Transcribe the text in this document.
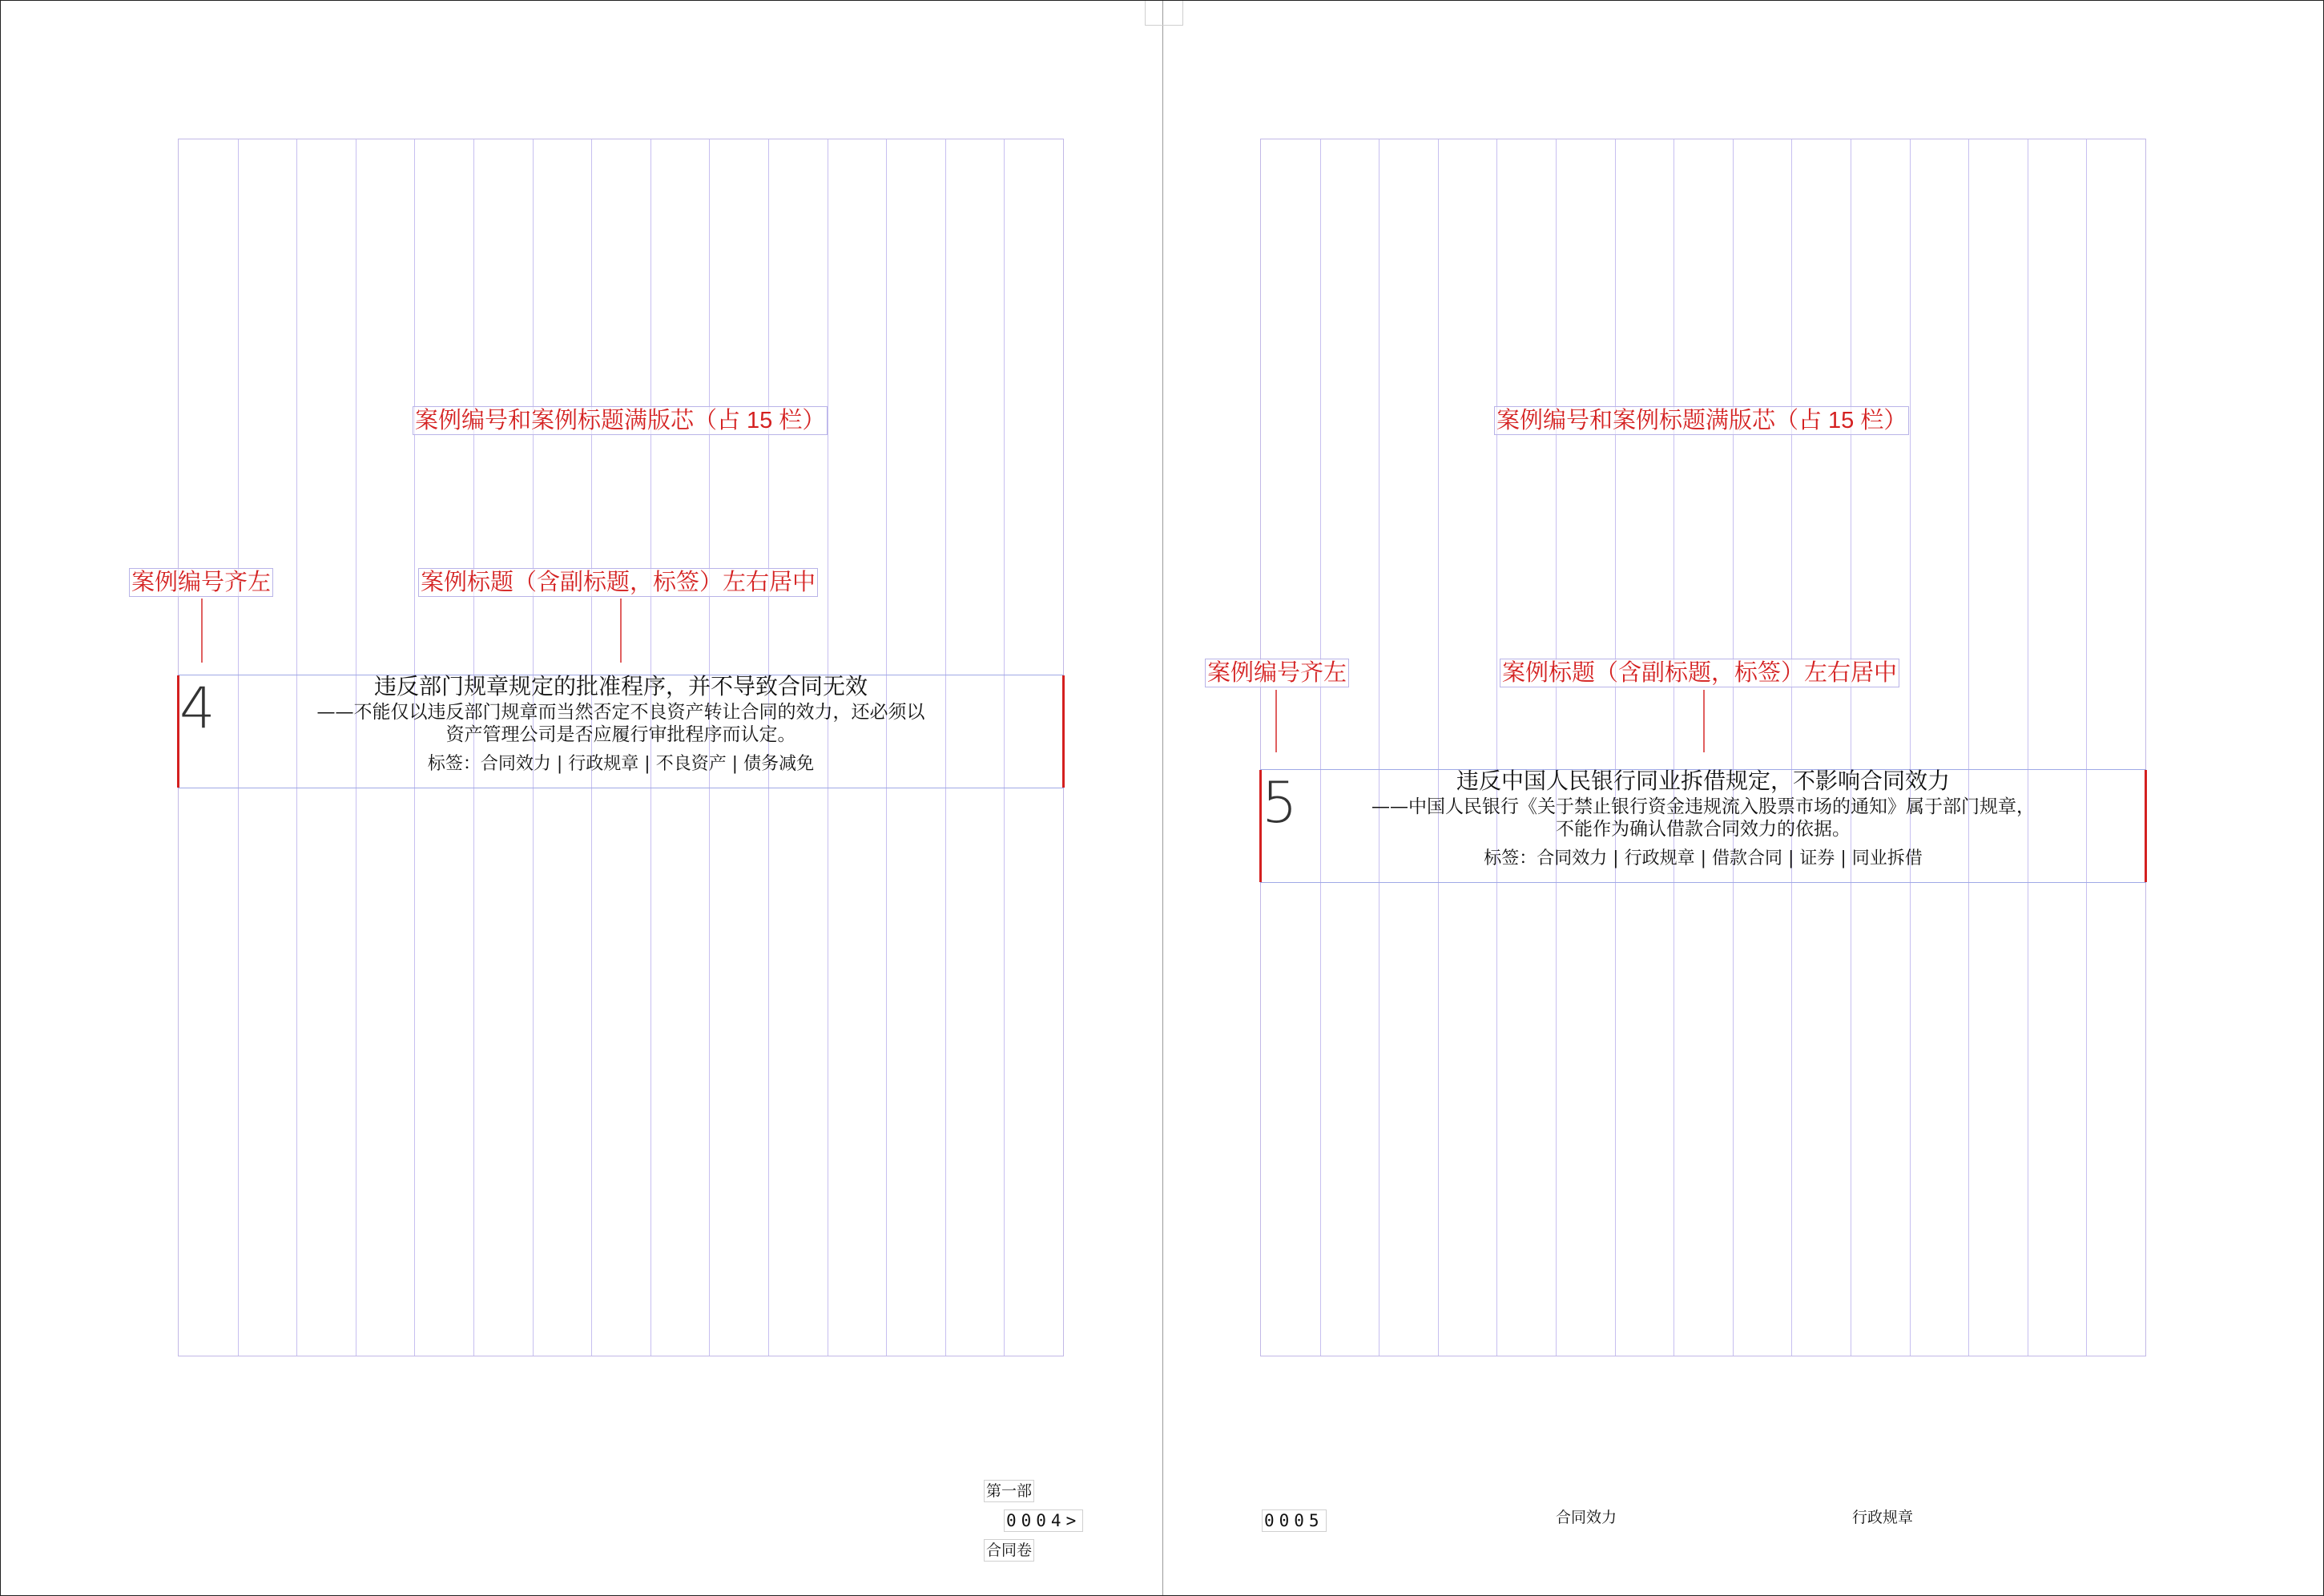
案例编号和案例标题满版芯（占 15 栏）
案例编号齐左	案例标题（含副标题，标签）左右居中
4	违反部门规章规定的批准程序，并不导致合同无效
——不能仅以违反部门规章而当然否定不良资产转让合同的效力，还必须以
资产管理公司是否应履行审批程序而认定。
标签：合同效力 | 行政规章 | 不良资产 | 债务减免
第一部
0004>
合同卷
案例编号和案例标题满版芯（占 15 栏）
案例编号齐左	案例标题（含副标题，标签）左右居中
5	违反中国人民银行同业拆借规定，不影响合同效力
——中国人民银行《关于禁止银行资金违规流入股票市场的通知》属于部门规章，
不能作为确认借款合同效力的依据。
标签：合同效力 | 行政规章 | 借款合同 | 证券 | 同业拆借
0005	合同效力	行政规章
